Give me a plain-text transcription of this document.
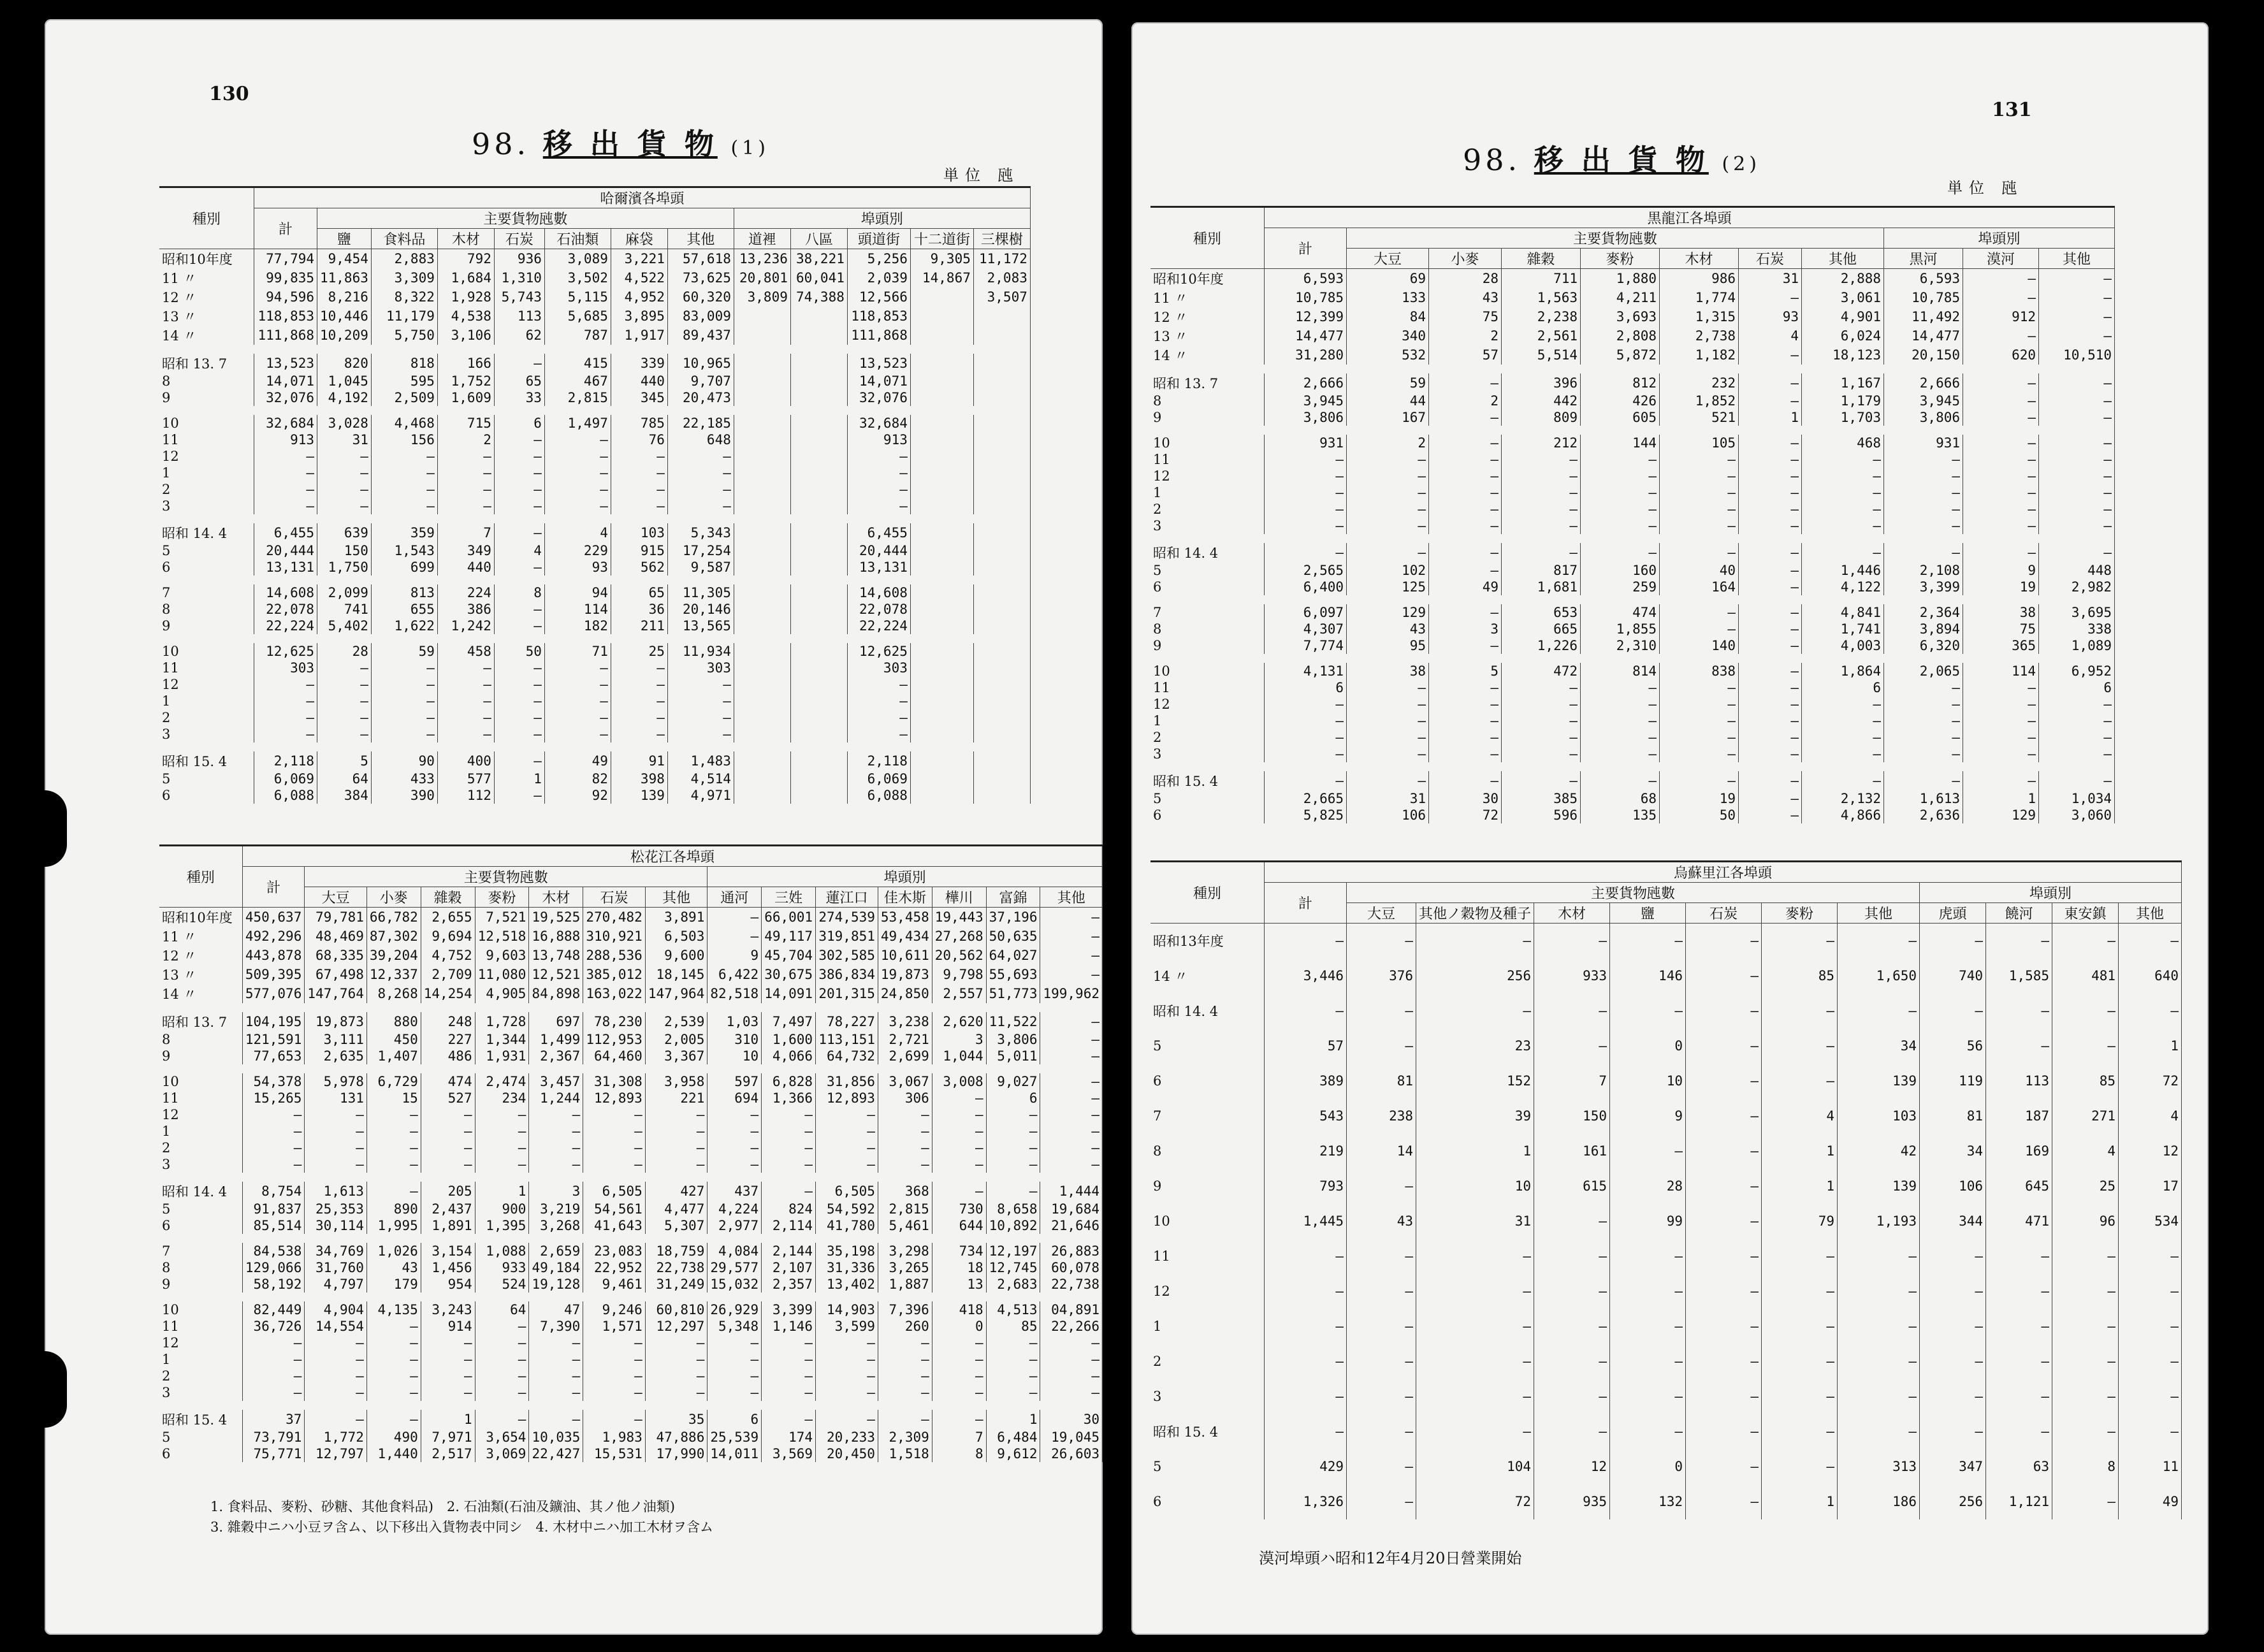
130
98. 移 出 貨 物 (1)
単位 瓲
種別	哈爾濱各埠頭												
	計	主要貨物瓲數							埠頭別				
		鹽	食料品	木材	石炭	石油類	麻袋	其他	道裡	八區	頭道街	十二道街	三棵樹
昭和10年度	77,794	9,454	2,883	792	936	3,089	3,221	57,618	13,236	38,221	5,256	9,305	11,172
11 〃	99,835	11,863	3,309	1,684	1,310	3,502	4,522	73,625	20,801	60,041	2,039	14,867	2,083
12 〃	94,596	8,216	8,322	1,928	5,743	5,115	4,952	60,320	3,809	74,388	12,566		3,507
13 〃	118,853	10,446	11,179	4,538	113	5,685	3,895	83,009			118,853		
14 〃	111,868	10,209	5,750	3,106	62	787	1,917	89,437			111,868		

昭和 13. 7	13,523	820	818	166	—	415	339	10,965			13,523		
8	14,071	1,045	595	1,752	65	467	440	9,707			14,071		
9	32,076	4,192	2,509	1,609	33	2,815	345	20,473			32,076		

10	32,684	3,028	4,468	715	6	1,497	785	22,185			32,684		
11	913	31	156	2	—	—	76	648			913		
12	—	—	—	—	—	—	—	—			—		
1	—	—	—	—	—	—	—	—			—		
2	—	—	—	—	—	—	—	—			—		
3	—	—	—	—	—	—	—	—			—		

昭和 14. 4	6,455	639	359	7	—	4	103	5,343			6,455		
5	20,444	150	1,543	349	4	229	915	17,254			20,444		
6	13,131	1,750	699	440	—	93	562	9,587			13,131		

7	14,608	2,099	813	224	8	94	65	11,305			14,608		
8	22,078	741	655	386	—	114	36	20,146			22,078		
9	22,224	5,402	1,622	1,242	—	182	211	13,565			22,224		

10	12,625	28	59	458	50	71	25	11,934			12,625		
11	303	—	—	—	—	—	—	303			303		
12	—	—	—	—	—	—	—	—			—		
1	—	—	—	—	—	—	—	—			—		
2	—	—	—	—	—	—	—	—			—		
3	—	—	—	—	—	—	—	—			—		

昭和 15. 4	2,118	5	90	400	—	49	91	1,483			2,118		
5	6,069	64	433	577	1	82	398	4,514			6,069		
6	6,088	384	390	112	—	92	139	4,971			6,088		
種別	松花江各埠頭														
	計	主要貨物瓲數							埠頭別						
		大豆	小麥	雜穀	麥粉	木材	石炭	其他	通河	三姓	蓮江口	佳木斯	樺川	富錦	其他
昭和10年度	450,637	79,781	66,782	2,655	7,521	19,525	270,482	3,891	—	66,001	274,539	53,458	19,443	37,196	—
11 〃	492,296	48,469	87,302	9,694	12,518	16,888	310,921	6,503	—	49,117	319,851	49,434	27,268	50,635	—
12 〃	443,878	68,335	39,204	4,752	9,603	13,748	288,536	9,600	9	45,704	302,585	10,611	20,562	64,027	—
13 〃	509,395	67,498	12,337	2,709	11,080	12,521	385,012	18,145	6,422	30,675	386,834	19,873	9,798	55,693	—
14 〃	577,076	147,764	8,268	14,254	4,905	84,898	163,022	147,964	82,518	14,091	201,315	24,850	2,557	51,773	199,962

昭和 13. 7	104,195	19,873	880	248	1,728	697	78,230	2,539	1,03	7,497	78,227	3,238	2,620	11,522	—
8	121,591	3,111	450	227	1,344	1,499	112,953	2,005	310	1,600	113,151	2,721	3	3,806	—
9	77,653	2,635	1,407	486	1,931	2,367	64,460	3,367	10	4,066	64,732	2,699	1,044	5,011	—

10	54,378	5,978	6,729	474	2,474	3,457	31,308	3,958	597	6,828	31,856	3,067	3,008	9,027	—
11	15,265	131	15	527	234	1,244	12,893	221	694	1,366	12,893	306	—	6	—
12	—	—	—	—	—	—	—	—	—	—	—	—	—	—	—
1	—	—	—	—	—	—	—	—	—	—	—	—	—	—	—
2	—	—	—	—	—	—	—	—	—	—	—	—	—	—	—
3	—	—	—	—	—	—	—	—	—	—	—	—	—	—	—

昭和 14. 4	8,754	1,613	—	205	1	3	6,505	427	437	—	6,505	368	—	—	1,444
5	91,837	25,353	890	2,437	900	3,219	54,561	4,477	4,224	824	54,592	2,815	730	8,658	19,684
6	85,514	30,114	1,995	1,891	1,395	3,268	41,643	5,307	2,977	2,114	41,780	5,461	644	10,892	21,646

7	84,538	34,769	1,026	3,154	1,088	2,659	23,083	18,759	4,084	2,144	35,198	3,298	734	12,197	26,883
8	129,066	31,760	43	1,456	933	49,184	22,952	22,738	29,577	2,107	31,336	3,265	18	12,745	60,078
9	58,192	4,797	179	954	524	19,128	9,461	31,249	15,032	2,357	13,402	1,887	13	2,683	22,738

10	82,449	4,904	4,135	3,243	64	47	9,246	60,810	26,929	3,399	14,903	7,396	418	4,513	04,891
11	36,726	14,554	—	914	—	7,390	1,571	12,297	5,348	1,146	3,599	260	0	85	22,266
12	—	—	—	—	—	—	—	—	—	—	—	—	—	—	—
1	—	—	—	—	—	—	—	—	—	—	—	—	—	—	—
2	—	—	—	—	—	—	—	—	—	—	—	—	—	—	—
3	—	—	—	—	—	—	—	—	—	—	—	—	—	—	—

昭和 15. 4	37	—	—	1	—	—	—	35	6	—	—	—	—	1	30
5	73,791	1,772	490	7,971	3,654	10,035	1,983	47,886	25,539	174	20,233	2,309	7	6,484	19,045
6	75,771	12,797	1,440	2,517	3,069	22,427	15,531	17,990	14,011	3,569	20,450	1,518	8	9,612	26,603
1. 食料品、麥粉、砂糖、其他食料品)　2. 石油類(石油及鑛油、其ノ他ノ油類)
3. 雜穀中ニハ小豆ヲ含ム、以下移出入貨物表中同シ　4. 木材中ニハ加工木材ヲ含ム
131
98. 移 出 貨 物 (2)
単位 瓲
種別	黒龍江各埠頭										
	計	主要貨物瓲數							埠頭別		
		大豆	小麥	雜穀	麥粉	木材	石炭	其他	黒河	漠河	其他
昭和10年度	6,593	69	28	711	1,880	986	31	2,888	6,593	—	—
11 〃	10,785	133	43	1,563	4,211	1,774	—	3,061	10,785	—	—
12 〃	12,399	84	75	2,238	3,693	1,315	93	4,901	11,492	912	—
13 〃	14,477	340	2	2,561	2,808	2,738	4	6,024	14,477	—	—
14 〃	31,280	532	57	5,514	5,872	1,182	—	18,123	20,150	620	10,510

昭和 13. 7	2,666	59	—	396	812	232	—	1,167	2,666	—	—
8	3,945	44	2	442	426	1,852	—	1,179	3,945	—	—
9	3,806	167	—	809	605	521	1	1,703	3,806	—	—

10	931	2	—	212	144	105	—	468	931	—	—
11	—	—	—	—	—	—	—	—	—	—	—
12	—	—	—	—	—	—	—	—	—	—	—
1	—	—	—	—	—	—	—	—	—	—	—
2	—	—	—	—	—	—	—	—	—	—	—
3	—	—	—	—	—	—	—	—	—	—	—

昭和 14. 4	—	—	—	—	—	—	—	—	—	—	—
5	2,565	102	—	817	160	40	—	1,446	2,108	9	448
6	6,400	125	49	1,681	259	164	—	4,122	3,399	19	2,982

7	6,097	129	—	653	474	—	—	4,841	2,364	38	3,695
8	4,307	43	3	665	1,855	—	—	1,741	3,894	75	338
9	7,774	95	—	1,226	2,310	140	—	4,003	6,320	365	1,089

10	4,131	38	5	472	814	838	—	1,864	2,065	114	6,952
11	6	—	—	—	—	—	—	6	—	—	6
12	—	—	—	—	—	—	—	—	—	—	—
1	—	—	—	—	—	—	—	—	—	—	—
2	—	—	—	—	—	—	—	—	—	—	—
3	—	—	—	—	—	—	—	—	—	—	—

昭和 15. 4	—	—	—	—	—	—	—	—	—	—	—
5	2,665	31	30	385	68	19	—	2,132	1,613	1	1,034
6	5,825	106	72	596	135	50	—	4,866	2,636	129	3,060
種別	烏蘇里江各埠頭											
	計	主要貨物瓲數							埠頭別			
		大豆	其他ノ穀物及種子	木材	鹽	石炭	麥粉	其他	虎頭	饒河	東安鎮	其他
昭和13年度	—	—	—	—	—	—	—	—	—	—	—	—
14 〃	3,446	376	256	933	146	—	85	1,650	740	1,585	481	640
昭和 14. 4	—	—	—	—	—	—	—	—	—	—	—	—
5	57	—	23	—	0	—	—	34	56	—	—	1
6	389	81	152	7	10	—	—	139	119	113	85	72
7	543	238	39	150	9	—	4	103	81	187	271	4
8	219	14	1	161	—	—	1	42	34	169	4	12
9	793	—	10	615	28	—	1	139	106	645	25	17
10	1,445	43	31	—	99	—	79	1,193	344	471	96	534
11	—	—	—	—	—	—	—	—	—	—	—	—
12	—	—	—	—	—	—	—	—	—	—	—	—
1	—	—	—	—	—	—	—	—	—	—	—	—
2	—	—	—	—	—	—	—	—	—	—	—	—
3	—	—	—	—	—	—	—	—	—	—	—	—
昭和 15. 4	—	—	—	—	—	—	—	—	—	—	—	—
5	429	—	104	12	0	—	—	313	347	63	8	11
6	1,326	—	72	935	132	—	1	186	256	1,121	—	49
漠河埠頭ハ昭和12年4月20日營業開始
